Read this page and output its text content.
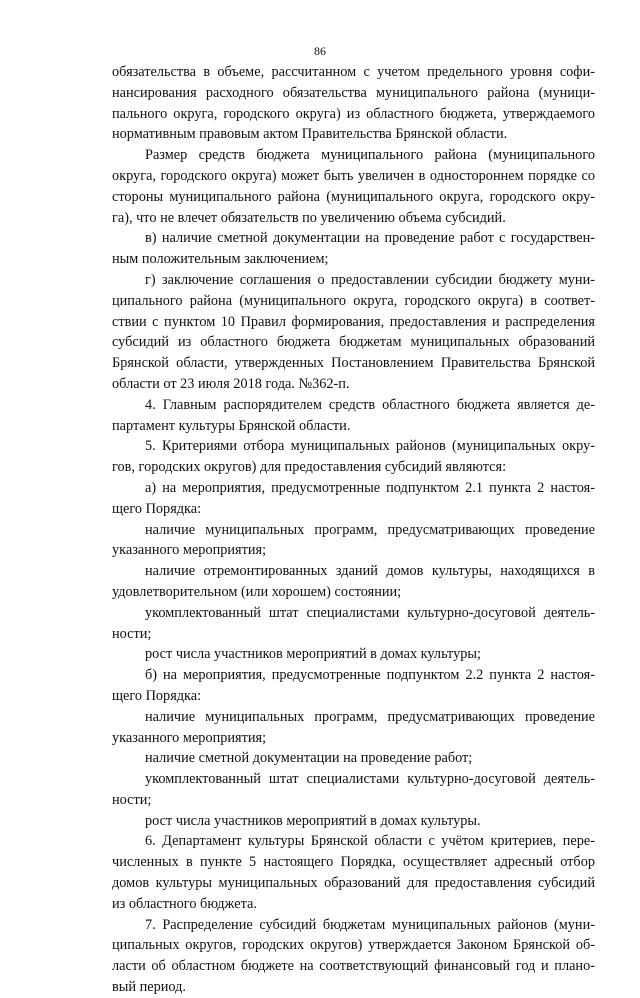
86
обязательства в объеме, рассчитанном с учетом предельного уровня софи-
нансирования расходного обязательства муниципального района (муници-
пального округа, городского округа) из областного бюджета, утверждаемого
нормативным правовым актом Правительства Брянской области.
Размер средств бюджета муниципального района (муниципального
округа, городского округа) может быть увеличен в одностороннем порядке со
стороны муниципального района (муниципального округа, городского окру-
га), что не влечет обязательств по увеличению объема субсидий.
в) наличие сметной документации на проведение работ с государствен-
ным положительным заключением;
г) заключение соглашения о предоставлении субсидии бюджету муни-
ципального района (муниципального округа, городского округа) в соответ-
ствии с пунктом 10 Правил формирования, предоставления и распределения
субсидий из областного бюджета бюджетам муниципальных образований
Брянской области, утвержденных Постановлением Правительства Брянской
области от 23 июля 2018 года. №362-п.
4. Главным распорядителем средств областного бюджета является де-
партамент культуры Брянской области.
5. Критериями отбора муниципальных районов (муниципальных окру-
гов, городских округов) для предоставления субсидий являются:
а) на мероприятия, предусмотренные подпунктом 2.1 пункта 2 настоя-
щего Порядка:
наличие муниципальных программ, предусматривающих проведение
указанного мероприятия;
наличие отремонтированных зданий домов культуры, находящихся в
удовлетворительном (или хорошем) состоянии;
укомплектованный штат специалистами культурно-досуговой деятель-
ности;
рост числа участников мероприятий в домах культуры;
б) на мероприятия, предусмотренные подпунктом 2.2 пункта 2 настоя-
щего Порядка:
наличие муниципальных программ, предусматривающих проведение
указанного мероприятия;
наличие сметной документации на проведение работ;
укомплектованный штат специалистами культурно-досуговой деятель-
ности;
рост числа участников мероприятий в домах культуры.
6. Департамент культуры Брянской области с учётом критериев, пере-
численных в пункте 5 настоящего Порядка, осуществляет адресный отбор
домов культуры муниципальных образований для предоставления субсидий
из областного бюджета.
7. Распределение субсидий бюджетам муниципальных районов (муни-
ципальных округов, городских округов) утверждается Законом Брянской об-
ласти об областном бюджете на соответствующий финансовый год и плано-
вый период.
